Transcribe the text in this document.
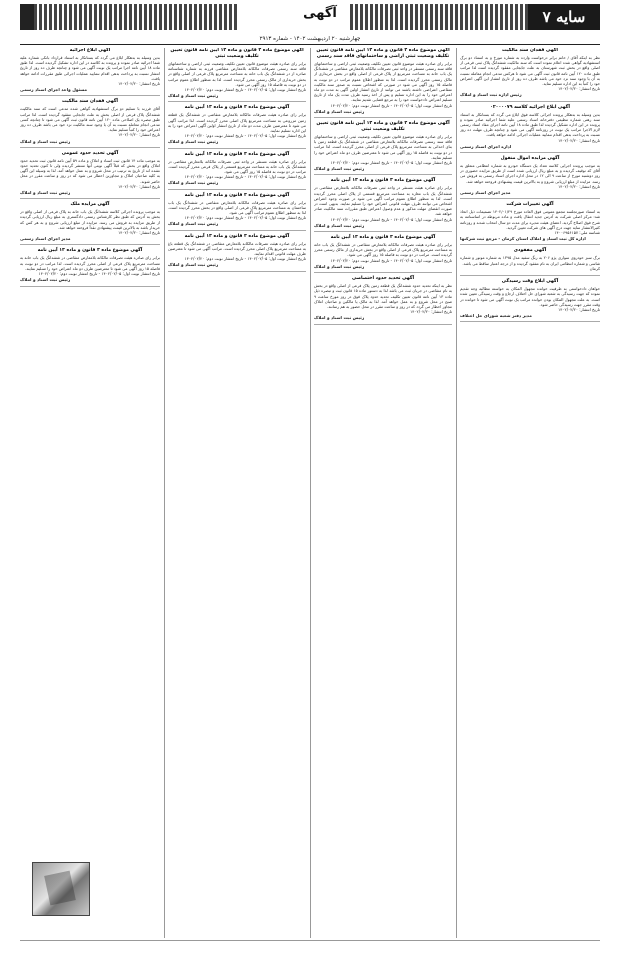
آگهی	سایه ۷
چهارشنبه ۲۰ اردیبهشت ۱۴۰۲ - شماره ۲۹۱۳
آگهی فقدان سند مالکیت
نظر به اینکه آقای / خانم برابر درخواست وارده به شماره مورخ و به استناد دو برگ استشهادیه گواهی شده اعلام نموده است که سند مالکیت ششدانگ پلاک ثبتی فرعی از اصلی واقع در بخش ثبت شهرستان به علت جابجایی مفقود گردیده است لذا مراتب طبق ماده ۱۲۰ آیین نامه قانون ثبت آگهی می شود تا هرکس مدعی انجام معامله نسبت به آن یا وجود سند نزد خود می باشد ظرف ده روز از تاریخ انتشار این آگهی اعتراض خود را کتباً به این اداره تسلیم نماید.
تاریخ انتشار: ۱۴۰۲/۰۲/۲۰
رئیس اداره ثبت اسناد و املاک
آگهی ابلاغ اجرائیه کلاسه ۰۲۰۰۰۰۷۹
بدین وسیله به بدهکار پرونده اجرائی کلاسه فوق ابلاغ می گردد که بستانکار به استناد سند رهنی شماره تنظیمی دفترخانه اسناد رسمی علیه شما اجرائیه صادر نموده و پرونده در این اداره تشکیل گردیده لذا طبق ماده ۱۸ آیین نامه اجرای مفاد اسناد رسمی لازم الاجرا مراتب یک نوبت در روزنامه آگهی می شود و چنانچه ظرف مهلت ده روز نسبت به پرداخت بدهی اقدام ننمایید عملیات اجرائی ادامه خواهد یافت.
تاریخ انتشار: ۱۴۰۲/۰۲/۲۰
اداره اجرای اسناد رسمی
آگهی مزایده اموال منقول
به موجب پرونده اجرایی کلاسه تعداد یک دستگاه خودرو به شماره انتظامی متعلق به آقای که توقیف گردیده و به مبلغ ریال ارزیابی شده است از طریق مزایده حضوری در روز دوشنبه مورخ از ساعت ۹ الی ۱۲ در محل اداره اجرای اسناد رسمی به فروش می رسد. مزایده از مبلغ ارزیابی شروع و به بالاترین قیمت پیشنهادی فروخته خواهد شد.
تاریخ انتشار: ۱۴۰۲/۰۲/۲۰
مدیر اجرای اسناد رسمی
آگهی تغییرات شرکت
به استناد صورتجلسه مجمع عمومی فوق العاده مورخ ۱۴۰۲/۰۱/۲۹ تصمیمات ذیل اتخاذ شد: مرکز اصلی شرکت به آدرس جدید انتقال یافت و ماده مربوطه در اساسنامه به شرح فوق اصلاح گردید. اعضای هیئت مدیره برای مدت دو سال انتخاب شدند و روزنامه کثیرالانتشار سایه جهت درج آگهی های شرکت تعیین گردید.
شناسه ملی: ۱۴۰۰۶۹۵۶۱۵۷
اداره کل ثبت اسناد و املاک استان کرمان - مرجع ثبت شرکتها
آگهی مفقودی
برگ سبز خودروی سواری پژو ۲۰۶ به رنگ سفید مدل ۱۳۹۵ به شماره موتور و شماره شاسی و شماره انتظامی ایران به نام مفقود گردیده و از درجه اعتبار ساقط می باشد.
کرمان
آگهی ابلاغ وقت رسیدگی
خواهان دادخواستی به طرفیت خوانده مجهول المکان به خواسته مطالبه وجه تقدیم نموده که جهت رسیدگی به شعبه شورای حل اختلاف ارجاع و وقت رسیدگی تعیین شده است. به علت مجهول المکان بودن خوانده مراتب یک نوبت آگهی می شود تا خوانده در وقت مقرر جهت رسیدگی حاضر شود.
تاریخ انتشار: ۱۴۰۲/۰۲/۲۰
مدیر دفتر شعبه شورای حل اختلاف
آگهی موضوع ماده ۳ قانون و ماده ۱۳ آیین نامه قانون تعیین تکلیف وضعیت ثبتی اراضی و ساختمانهای فاقد سند رسمی
برابر رای صادره هیئت موضوع قانون تعیین تکلیف وضعیت ثبتی اراضی و ساختمانهای فاقد سند رسمی مستقر در واحد ثبتی تصرفات مالکانه بلامعارض متقاضی در ششدانگ یک باب خانه به مساحت مترمربع از پلاک فرعی از اصلی واقع در بخش خریداری از مالک رسمی محرز گردیده است. لذا به منظور اطلاع عموم مراتب در دو نوبت به فاصله ۱۵ روز آگهی می شود در صورتی که اشخاص نسبت به صدور سند مالکیت متقاضی اعتراضی داشته باشند می توانند از تاریخ انتشار اولین آگهی به مدت دو ماه اعتراض خود را به این اداره تسلیم و پس از اخذ رسید ظرف مدت یک ماه از تاریخ تسلیم اعتراض دادخواست خود را به مرجع قضایی تقدیم نمایند.
تاریخ انتشار نوبت اول: ۱۴۰۲/۰۲/۰۵ - تاریخ انتشار نوبت دوم: ۱۴۰۲/۰۲/۲۰
رئیس ثبت اسناد و املاک
آگهی موضوع ماده ۳ قانون و ماده ۱۳ آیین نامه قانون تعیین تکلیف وضعیت ثبتی
برابر رای صادره هیئت موضوع قانون تعیین تکلیف وضعیت ثبتی اراضی و ساختمانهای فاقد سند رسمی تصرفات مالکانه بلامعارض متقاضی در ششدانگ یک قطعه زمین با بنای احداثی به مساحت مترمربع پلاک فرعی از اصلی محرز گردیده است. لذا مراتب در دو نوبت به فاصله ۱۵ روز آگهی می شود تا معترضین ظرف دو ماه اعتراض خود را تسلیم نمایند.
تاریخ انتشار نوبت اول: ۱۴۰۲/۰۲/۰۵ - تاریخ انتشار نوبت دوم: ۱۴۰۲/۰۲/۲۰
رئیس ثبت اسناد و املاک
آگهی موضوع ماده ۳ قانون و ماده ۱۳ آیین نامه
برابر رای صادره هیئت مستقر در واحد ثبتی تصرفات مالکانه بلامعارض متقاضی در ششدانگ یک باب مغازه به مساحت مترمربع قسمتی از پلاک اصلی محرز گردیده است. لذا به منظور اطلاع عموم مراتب آگهی می شود در صورت وجود اعتراض اشخاص می توانند ظرف مهلت قانونی اعتراض خود را تسلیم نمایند. بدیهی است در صورت انقضای مهلت مذکور و عدم وصول اعتراض طبق مقررات سند مالکیت صادر خواهد شد.
تاریخ انتشار نوبت اول: ۱۴۰۲/۰۲/۰۵ - تاریخ انتشار نوبت دوم: ۱۴۰۲/۰۲/۲۰
رئیس ثبت اسناد و املاک
آگهی موضوع ماده ۳ قانون و ماده ۱۳ آیین نامه
برابر رای صادره هیئت تصرفات مالکانه بلامعارض متقاضی در ششدانگ یک باب خانه به مساحت مترمربع پلاک فرعی از اصلی واقع در بخش خریداری از مالک رسمی محرز گردیده است. مراتب در دو نوبت به فاصله ۱۵ روز آگهی می شود.
تاریخ انتشار نوبت اول: ۱۴۰۲/۰۲/۰۵ - تاریخ انتشار نوبت دوم: ۱۴۰۲/۰۲/۲۰
رئیس ثبت اسناد و املاک
آگهی تحدید حدود اختصاصی
نظر به اینکه تحدید حدود ششدانگ یک قطعه زمین پلاک فرعی از اصلی واقع در بخش به نام متقاضی در جریان ثبت می باشد لذا به دستور ماده ۱۵ قانون ثبت و تبصره ذیل ماده ۱۳ آیین نامه قانون تعیین تکلیف تحدید حدود پلاک فوق در روز مورخ ساعت ۹ صبح در محل شروع و به عمل خواهد آمد. لذا به مالک یا مالکین و صاحبان املاک مجاور اخطار می گردد که در روز و ساعت مقرر در محل حضور به هم رسانند.
تاریخ انتشار: ۱۴۰۲/۰۲/۲۰
رئیس ثبت اسناد و املاک
آگهی موضوع ماده ۳ قانون و ماده ۱۳ آیین نامه قانون تعیین تکلیف وضعیت ثبتی
برابر رای صادره هیئت موضوع قانون تعیین تکلیف وضعیت ثبتی اراضی و ساختمانهای فاقد سند رسمی تصرفات مالکانه بلامعارض متقاضی فرزند به شماره شناسنامه صادره از در ششدانگ یک باب خانه به مساحت مترمربع پلاک فرعی از اصلی واقع در بخش خریداری از مالک رسمی محرز گردیده است. لذا به منظور اطلاع عموم مراتب در دو نوبت به فاصله ۱۵ روز آگهی می شود.
تاریخ انتشار نوبت اول: ۱۴۰۲/۰۲/۰۵ - تاریخ انتشار نوبت دوم: ۱۴۰۲/۰۲/۲۰
رئیس ثبت اسناد و املاک
آگهی موضوع ماده ۳ قانون و ماده ۱۳ آیین نامه
برابر رای صادره هیئت تصرفات مالکانه بلامعارض متقاضی در ششدانگ یک قطعه زمین مزروعی به مساحت مترمربع پلاک اصلی محرز گردیده است. لذا مراتب آگهی می شود تا معترضین ظرف مدت دو ماه از تاریخ انتشار اولین آگهی اعتراض خود را به این اداره تسلیم نمایند.
تاریخ انتشار نوبت اول: ۱۴۰۲/۰۲/۰۵ - تاریخ انتشار نوبت دوم: ۱۴۰۲/۰۲/۲۰
رئیس ثبت اسناد و املاک
آگهی موضوع ماده ۳ قانون و ماده ۱۳ آیین نامه
برابر رای صادره هیئت مستقر در واحد ثبتی تصرفات مالکانه بلامعارض متقاضی در ششدانگ یک باب خانه به مساحت مترمربع قسمتی از پلاک فرعی محرز گردیده است. مراتب در دو نوبت به فاصله ۱۵ روز آگهی می شود.
تاریخ انتشار نوبت اول: ۱۴۰۲/۰۲/۰۵ - تاریخ انتشار نوبت دوم: ۱۴۰۲/۰۲/۲۰
رئیس ثبت اسناد و املاک
آگهی موضوع ماده ۳ قانون و ماده ۱۳ آیین نامه
برابر رای صادره هیئت تصرفات مالکانه بلامعارض متقاضی در ششدانگ یک باب ساختمان به مساحت مترمربع پلاک فرعی از اصلی واقع در بخش محرز گردیده است. لذا به منظور اطلاع عموم مراتب آگهی می شود.
تاریخ انتشار نوبت اول: ۱۴۰۲/۰۲/۰۵ - تاریخ انتشار نوبت دوم: ۱۴۰۲/۰۲/۲۰
رئیس ثبت اسناد و املاک
آگهی موضوع ماده ۳ قانون و ماده ۱۳ آیین نامه
برابر رای صادره هیئت تصرفات مالکانه بلامعارض متقاضی در ششدانگ یک قطعه باغ به مساحت مترمربع پلاک اصلی محرز گردیده است. مراتب آگهی می شود تا معترضین ظرف مهلت قانونی اقدام نمایند.
تاریخ انتشار نوبت اول: ۱۴۰۲/۰۲/۰۵ - تاریخ انتشار نوبت دوم: ۱۴۰۲/۰۲/۲۰
رئیس ثبت اسناد و املاک
آگهی ابلاغ اجرائیه
بدین وسیله به بدهکار ابلاغ می گردد که بستانکار به استناد قرارداد بانکی شماره علیه شما اجرائیه صادر نموده و پرونده به کلاسه در این اداره تشکیل گردیده است. لذا طبق ماده ۱۸ آیین نامه اجرا مراتب یک نوبت آگهی می شود و چنانچه ظرف ده روز از تاریخ انتشار نسبت به پرداخت بدهی اقدام ننمایید عملیات اجرائی طبق مقررات ادامه خواهد یافت.
تاریخ انتشار: ۱۴۰۲/۰۲/۲۰
مسئول واحد اجرای اسناد رسمی
آگهی فقدان سند مالکیت
آقای فرزند با تسلیم دو برگ استشهادیه گواهی شده مدعی است که سند مالکیت ششدانگ پلاک فرعی از اصلی بخش به علت جابجایی مفقود گردیده است. لذا مراتب طبق تبصره یک اصلاحی ماده ۱۲۰ آیین نامه قانون ثبت آگهی می شود تا چنانچه کسی مدعی انجام معامله نسبت به آن یا وجود سند مالکیت نزد خود می باشد ظرف ده روز اعتراض خود را کتباً تسلیم نماید.
تاریخ انتشار: ۱۴۰۲/۰۲/۲۰
رئیس ثبت اسناد و املاک
آگهی تحدید حدود عمومی
به موجب ماده ۱۴ قانون ثبت اسناد و املاک و ماده ۵۹ آیین نامه قانون ثبت تحدید حدود املاک واقع در بخش که قبلاً آگهی نوبتی آنها منتشر گردیده ولی تا کنون تحدید حدود نشده اند از تاریخ به ترتیب در محل شروع و به عمل خواهد آمد. لذا به وسیله این آگهی به کلیه صاحبان املاک و مجاورین اخطار می شود که در روز و ساعت مقرر در محل حاضر شوند.
تاریخ انتشار: ۱۴۰۲/۰۲/۲۰
رئیس ثبت اسناد و املاک
آگهی مزایده ملک
به موجب پرونده اجرائی کلاسه ششدانگ یک باب خانه به پلاک فرعی از اصلی واقع در بخش به آدرس که طبق نظر کارشناس رسمی دادگستری به مبلغ ریال ارزیابی گردیده از طریق مزایده به فروش می رسد. مزایده از مبلغ ارزیابی شروع و به هر کس که خریدار باشد به بالاترین قیمت پیشنهادی نقداً فروخته خواهد شد.
تاریخ انتشار: ۱۴۰۲/۰۲/۲۰
مدیر اجرای اسناد رسمی
آگهی موضوع ماده ۳ قانون و ماده ۱۳ آیین نامه
برابر رای صادره هیئت تصرفات مالکانه بلامعارض متقاضی در ششدانگ یک باب خانه به مساحت مترمربع پلاک فرعی از اصلی محرز گردیده است. لذا مراتب در دو نوبت به فاصله ۱۵ روز آگهی می شود تا معترضین ظرف دو ماه اعتراض خود را تسلیم نمایند.
تاریخ انتشار نوبت اول: ۱۴۰۲/۰۲/۰۵ - تاریخ انتشار نوبت دوم: ۱۴۰۲/۰۲/۲۰
رئیس ثبت اسناد و املاک
